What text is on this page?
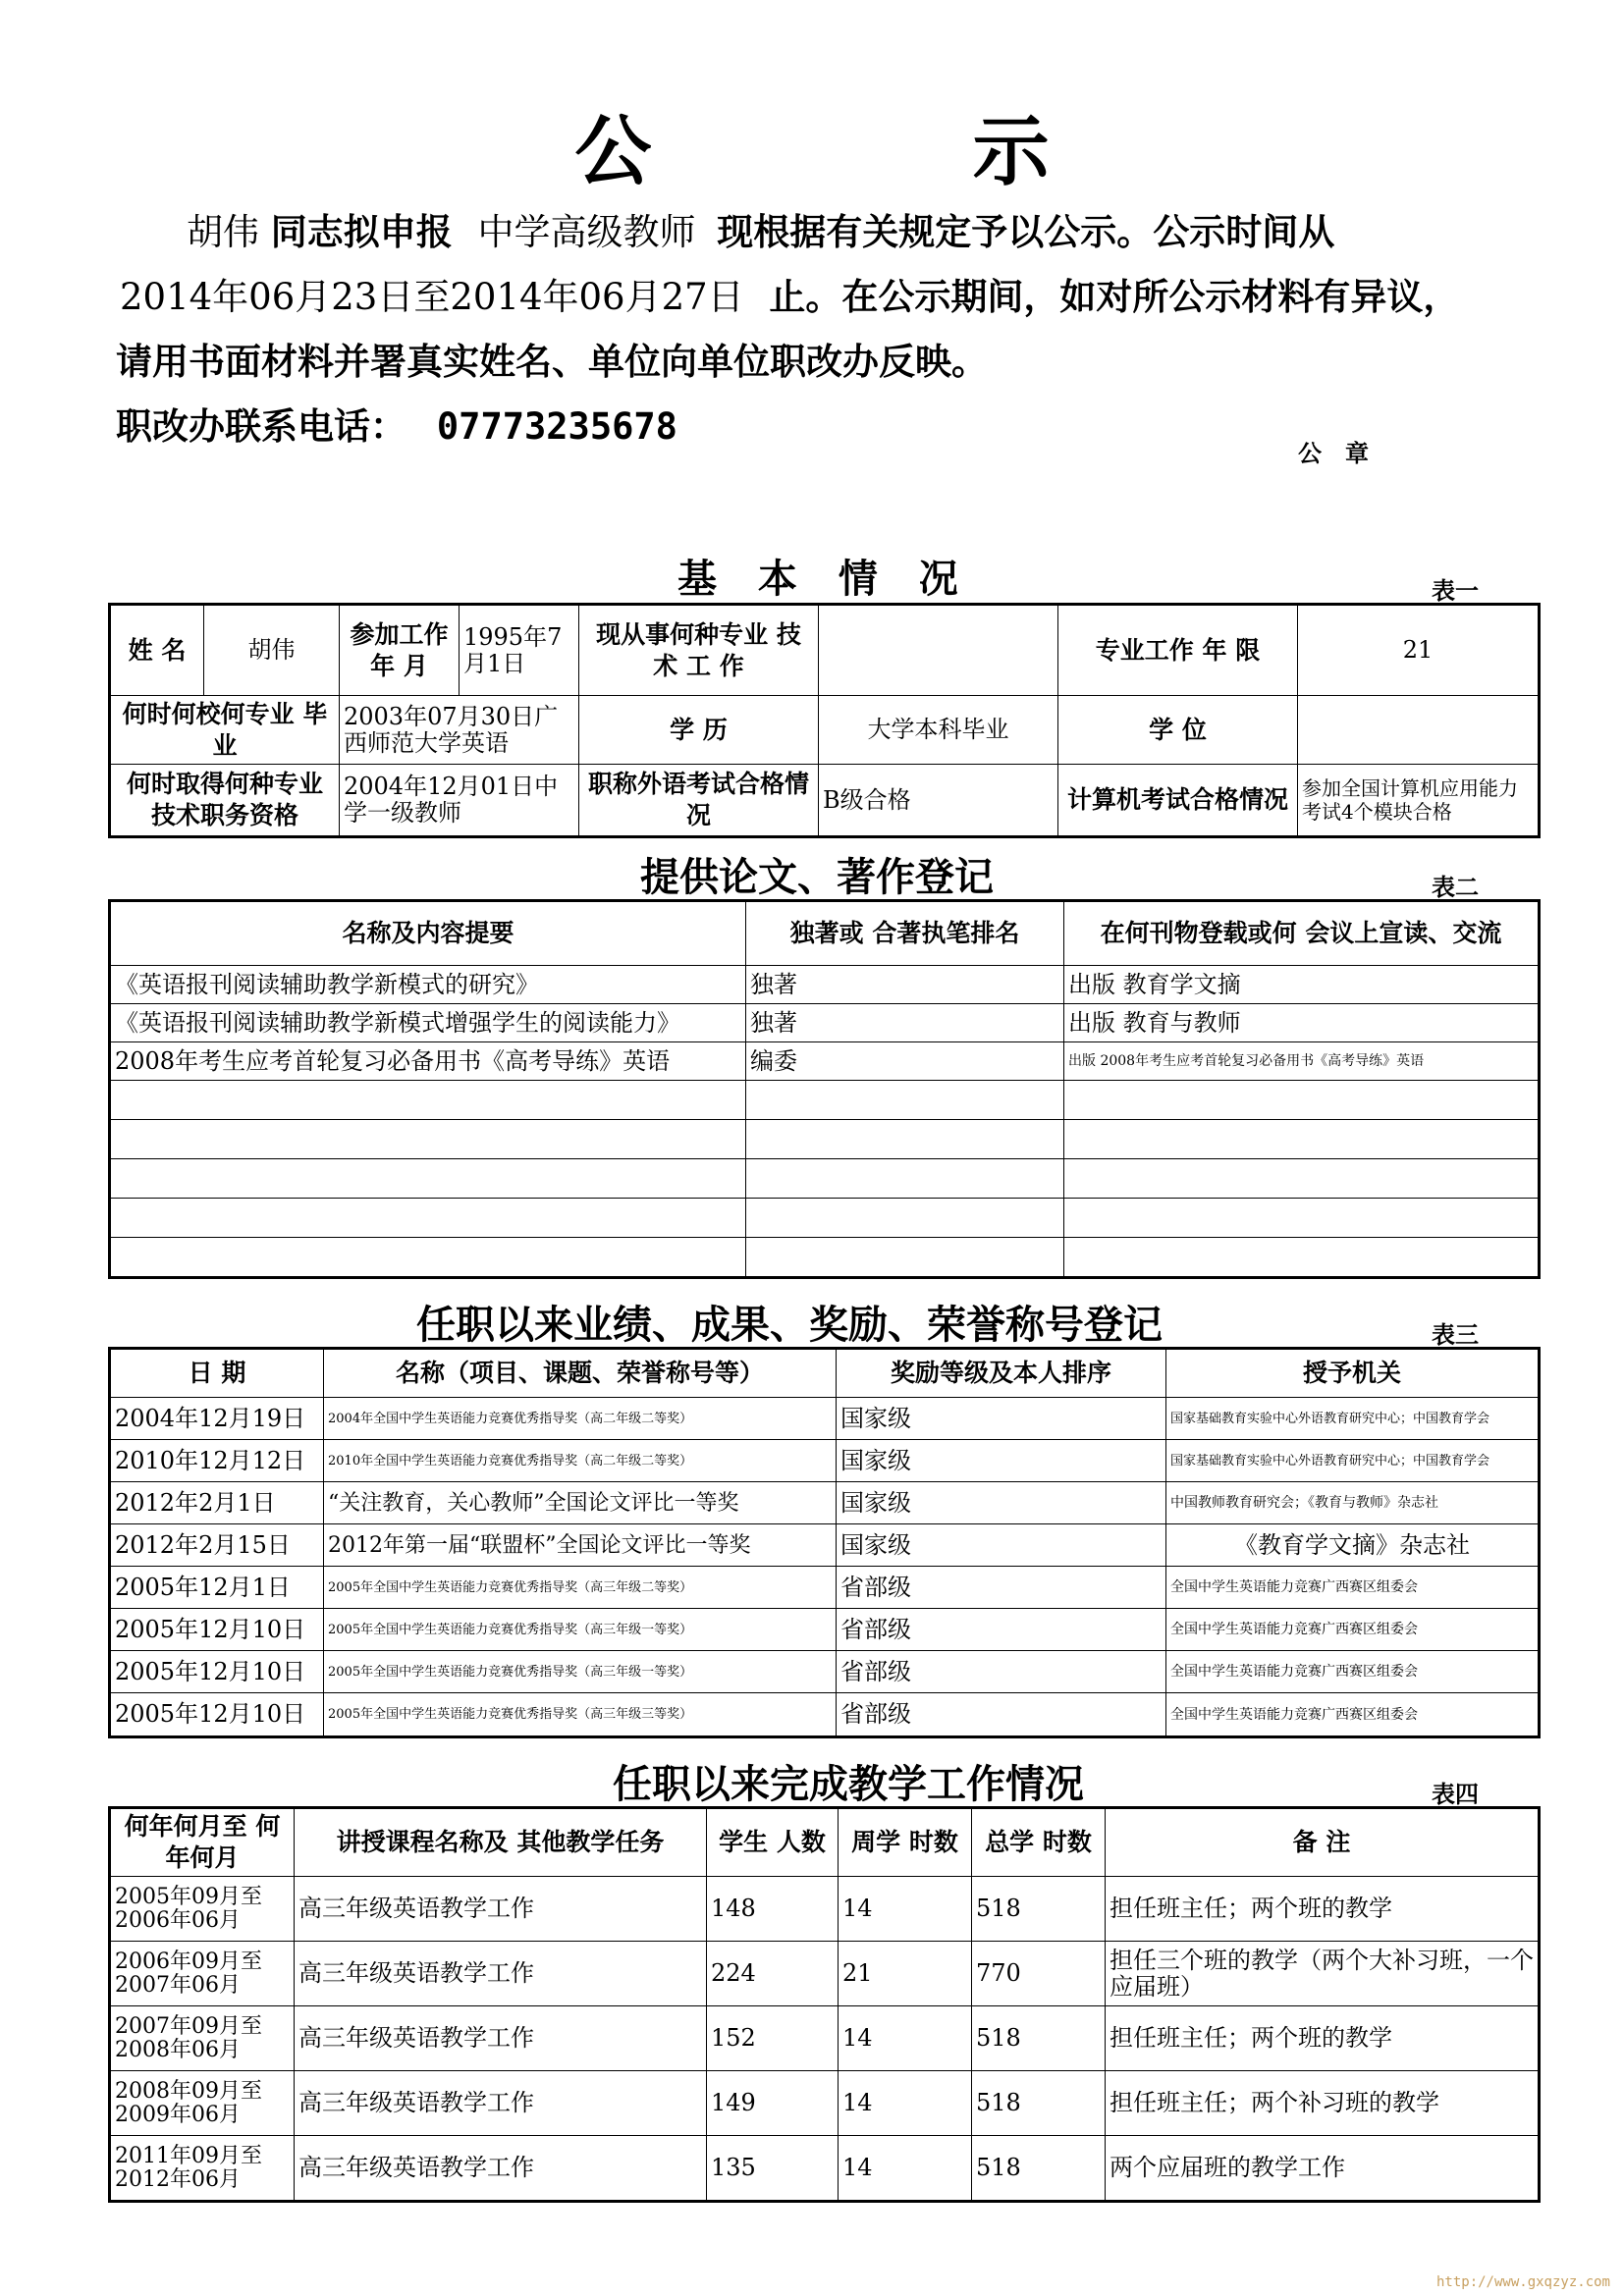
公 示
胡伟 同志拟申报 中学高级教师 现根据有关规定予以公示。公示时间从
2014年06月23日至2014年06月27日 止。在公示期间，如对所公示材料有异议，
请用书面材料并署真实姓名、单位向单位职改办反映。
职改办联系电话： 07773235678
公　章
基 本 情 况	表一
姓 名	胡伟	参加工作 年 月	1995年7月1日	现从事何种专业 技 术 工 作		专业工作 年 限	21
何时何校何专业 毕 业		2003年07月30日广西师范大学英语		学 历	大学本科毕业	学 位	
何时取得何种专业技术职务资格		2004年12月01日中学一级教师		职称外语考试合格情况	B级合格	计算机考试合格情况	参加全国计算机应用能力考试4个模块合格
提供论文、著作登记	表二
名称及内容提要	独著或 合著执笔排名	在何刊物登载或何 会议上宣读、交流
《英语报刊阅读辅助教学新模式的研究》	独著	出版 教育学文摘
《英语报刊阅读辅助教学新模式增强学生的阅读能力》	独著	出版 教育与教师
2008年考生应考首轮复习必备用书《高考导练》英语	编委	出版 2008年考生应考首轮复习必备用书《高考导练》英语

任职以来业绩、成果、奖励、荣誉称号登记	表三
日 期	名称（项目、课题、荣誉称号等）	奖励等级及本人排序	授予机关
2004年12月19日	2004年全国中学生英语能力竞赛优秀指导奖（高二年级二等奖）	国家级	国家基础教育实验中心外语教育研究中心；中国教育学会
2010年12月12日	2010年全国中学生英语能力竞赛优秀指导奖（高二年级二等奖）	国家级	国家基础教育实验中心外语教育研究中心；中国教育学会
2012年2月1日	“关注教育，关心教师”全国论文评比一等奖	国家级	中国教师教育研究会；《教育与教师》杂志社
2012年2月15日	2012年第一届“联盟杯”全国论文评比一等奖	国家级	《教育学文摘》杂志社
2005年12月1日	2005年全国中学生英语能力竞赛优秀指导奖（高三年级二等奖）	省部级	全国中学生英语能力竞赛广西赛区组委会
2005年12月10日	2005年全国中学生英语能力竞赛优秀指导奖（高三年级一等奖）	省部级	全国中学生英语能力竞赛广西赛区组委会
2005年12月10日	2005年全国中学生英语能力竞赛优秀指导奖（高三年级一等奖）	省部级	全国中学生英语能力竞赛广西赛区组委会
2005年12月10日	2005年全国中学生英语能力竞赛优秀指导奖（高三年级三等奖）	省部级	全国中学生英语能力竞赛广西赛区组委会
任职以来完成教学工作情况	表四
何年何月至 何年何月	讲授课程名称及 其他教学任务	学生 人数	周学 时数	总学 时数	备 注
2005年09月至2006年06月	高三年级英语教学工作	148	14	518	担任班主任；两个班的教学
2006年09月至2007年06月	高三年级英语教学工作	224	21	770	担任三个班的教学（两个大补习班，一个应届班）
2007年09月至2008年06月	高三年级英语教学工作	152	14	518	担任班主任；两个班的教学
2008年09月至2009年06月	高三年级英语教学工作	149	14	518	担任班主任；两个补习班的教学
2011年09月至2012年06月	高三年级英语教学工作	135	14	518	两个应届班的教学工作
http://www.gxqzyz.com
